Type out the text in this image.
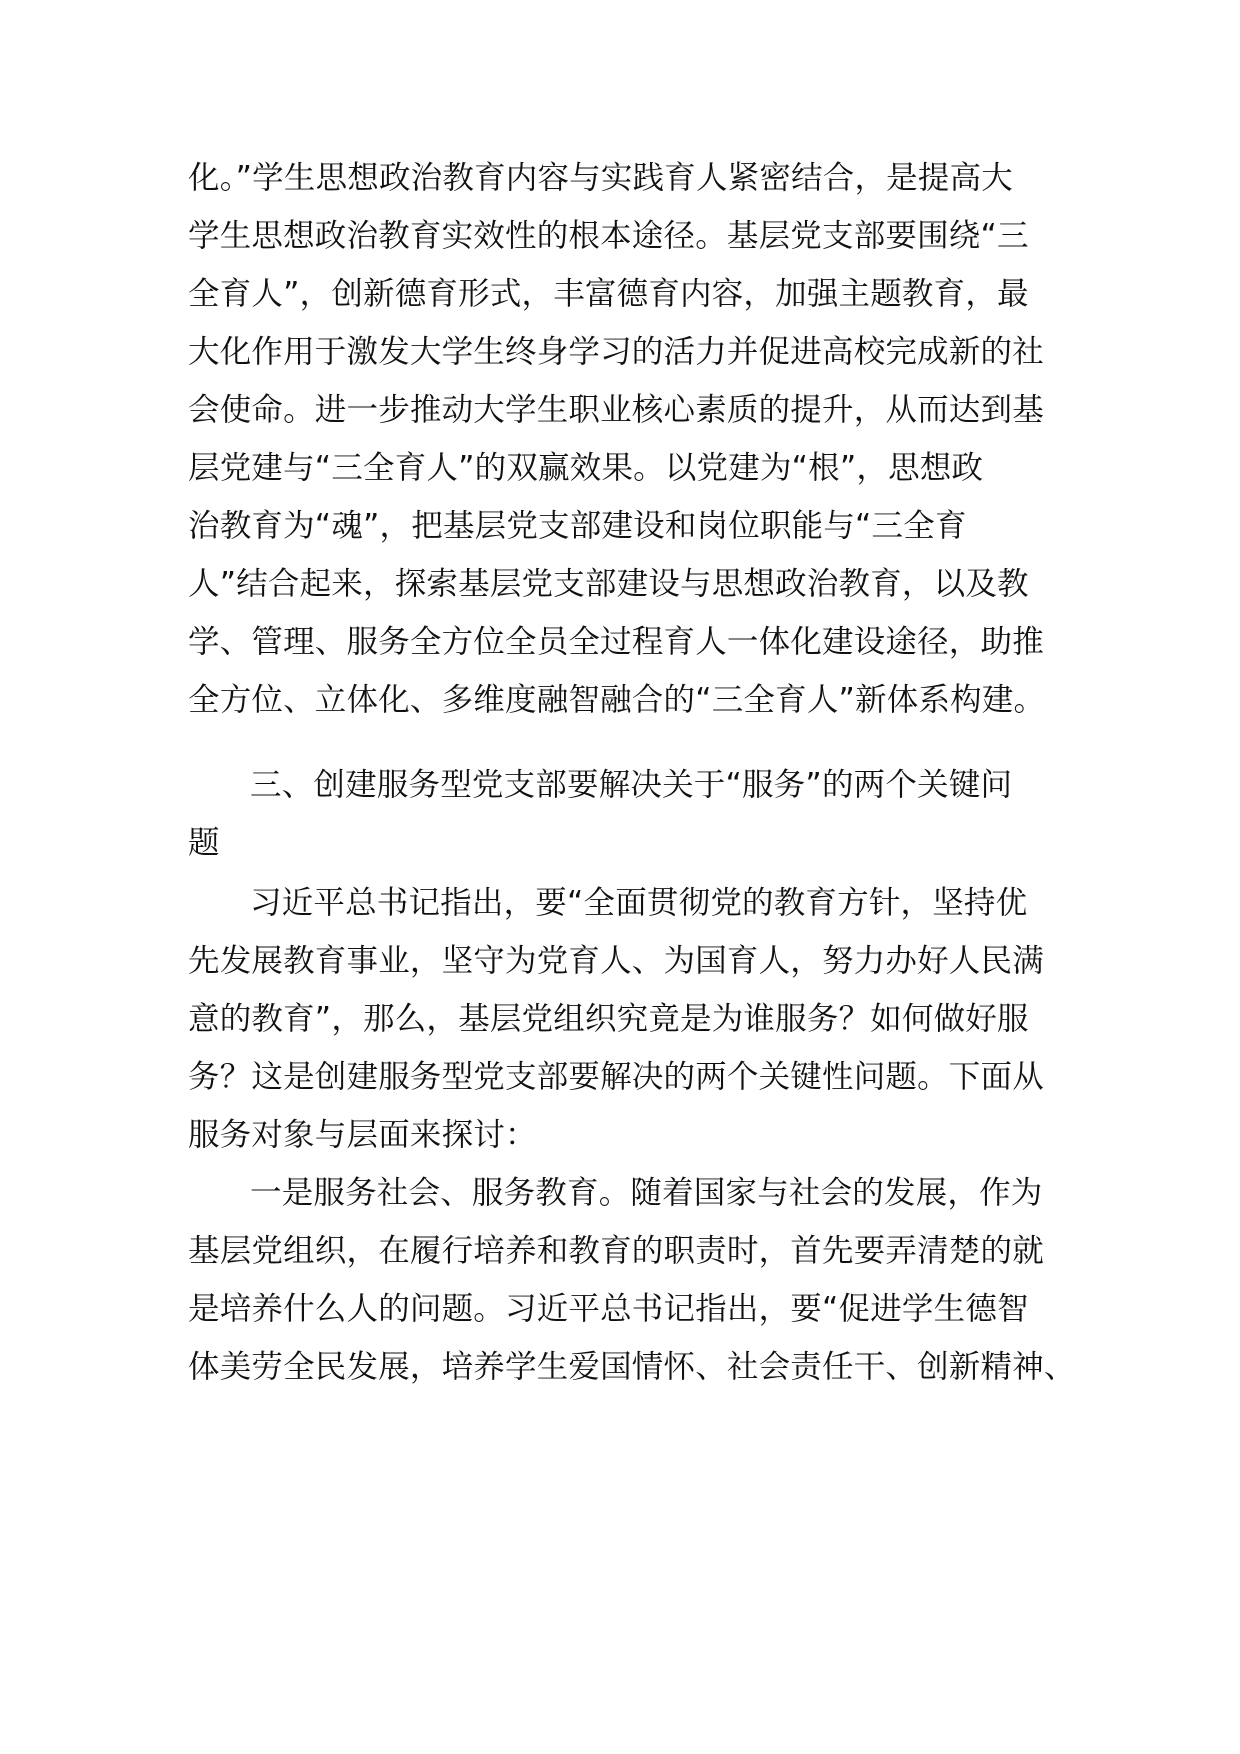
化。”学生思想政治教育内容与实践育人紧密结合，是提高大
学生思想政治教育实效性的根本途径。基层党支部要围绕“三
全育人”，创新德育形式，丰富德育内容，加强主题教育，最
大化作用于激发大学生终身学习的活力并促进高校完成新的社
会使命。进一步推动大学生职业核心素质的提升，从而达到基
层党建与“三全育人”的双赢效果。以党建为“根”，思想政
治教育为“魂”，把基层党支部建设和岗位职能与“三全育
人”结合起来，探索基层党支部建设与思想政治教育，以及教
学、管理、服务全方位全员全过程育人一体化建设途径，助推
全方位、立体化、多维度融智融合的“三全育人”新体系构建。
三、创建服务型党支部要解决关于“服务”的两个关键问
题
习近平总书记指出，要“全面贯彻党的教育方针，坚持优
先发展教育事业，坚守为党育人、为国育人，努力办好人民满
意的教育”，那么，基层党组织究竟是为谁服务？如何做好服
务？这是创建服务型党支部要解决的两个关键性问题。下面从
服务对象与层面来探讨：
一是服务社会、服务教育。随着国家与社会的发展，作为
基层党组织，在履行培养和教育的职责时，首先要弄清楚的就
是培养什么人的问题。习近平总书记指出，要“促进学生德智
体美劳全民发展，培养学生爱国情怀、社会责任干、创新精神、
